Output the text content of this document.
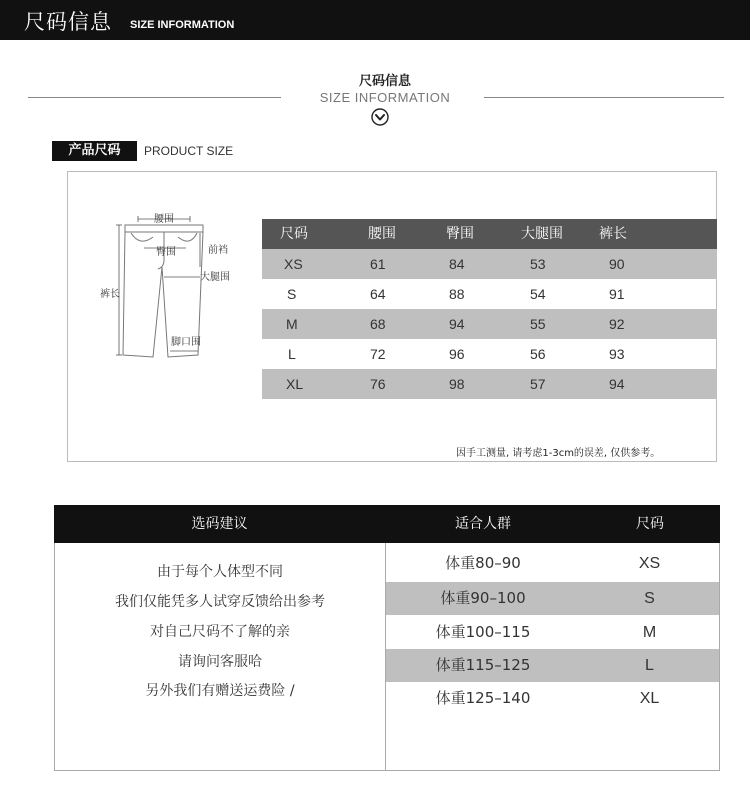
尺码信息 SIZE INFORMATION
尺码信息
SIZE INFORMATION
产品尺码	PRODUCT SIZE
腰围
臀围	前裆
大腿围
裤长
脚口围
尺码	腰围	臀围	大腿围	裤长
XS	61	84	53	90
S	64	88	54	91
M	68	94	55	92
L	72	96	56	93
XL	76	98	57	94
因手工测量, 请考虑1-3cm的误差, 仅供参考。
选码建议	适合人群	尺码
体重80–90	XS
体重90–100	S
体重100–115	M
体重115–125	L
体重125–140	XL
由于每个人体型不同
我们仅能凭多人试穿反馈给出参考
对自己尺码不了解的亲
请询问客服哈
另外我们有赠送运费险 /
